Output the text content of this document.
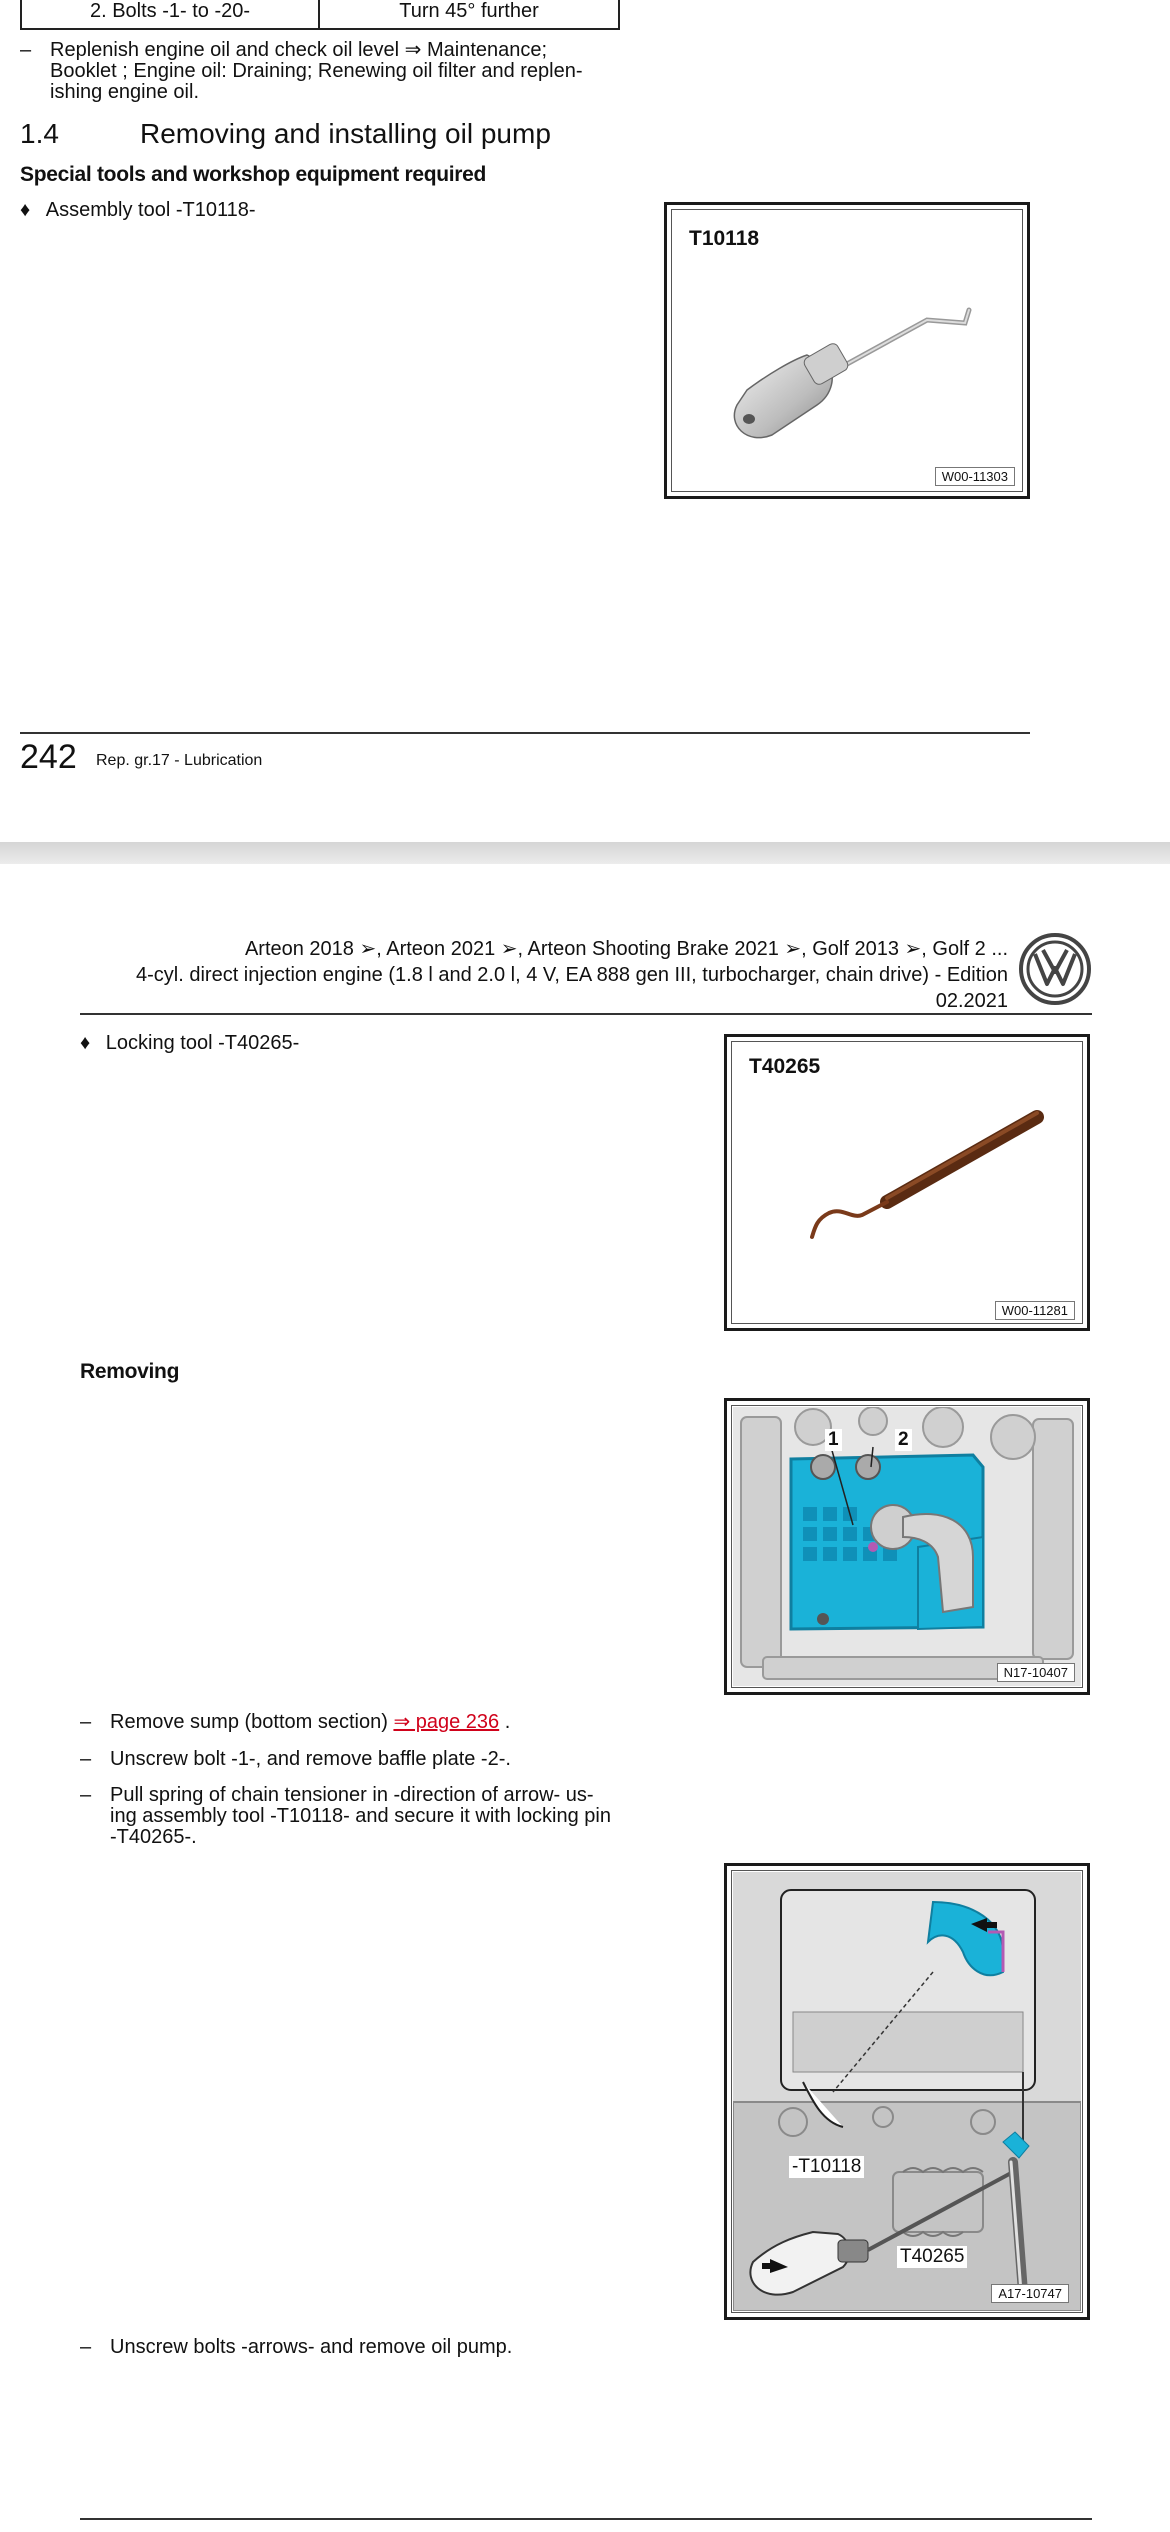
2. Bolts -1- to -20-	Turn 45° further
– Replenish engine oil and check oil level ⇒ Maintenance;
Booklet ; Engine oil: Draining; Renewing oil filter and replen-
ishing engine oil.
1.4	Removing and installing oil pump
Special tools and workshop equipment required
♦ Assembly tool -T10118-
T10118
W00-11303
242 Rep. gr.17 - Lubrication
Arteon 2018 ➢, Arteon 2021 ➢, Arteon Shooting Brake 2021 ➢, Golf 2013 ➢, Golf 2 ...
4-cyl. direct injection engine (1.8 l and 2.0 l, 4 V, EA 888 gen III, turbocharger, chain drive) - Edition
02.2021
♦ Locking tool -T40265-
T40265
W00-11281
Removing
1	2
N17-10407
– Remove sump (bottom section) ⇒ page 236 .
– Unscrew bolt -1-, and remove baffle plate -2-.
– Pull spring of chain tensioner in -direction of arrow- us-
ing assembly tool -T10118- and secure it with locking pin
-T40265-.
-T10118
T40265
A17-10747
– Unscrew bolts -arrows- and remove oil pump.
